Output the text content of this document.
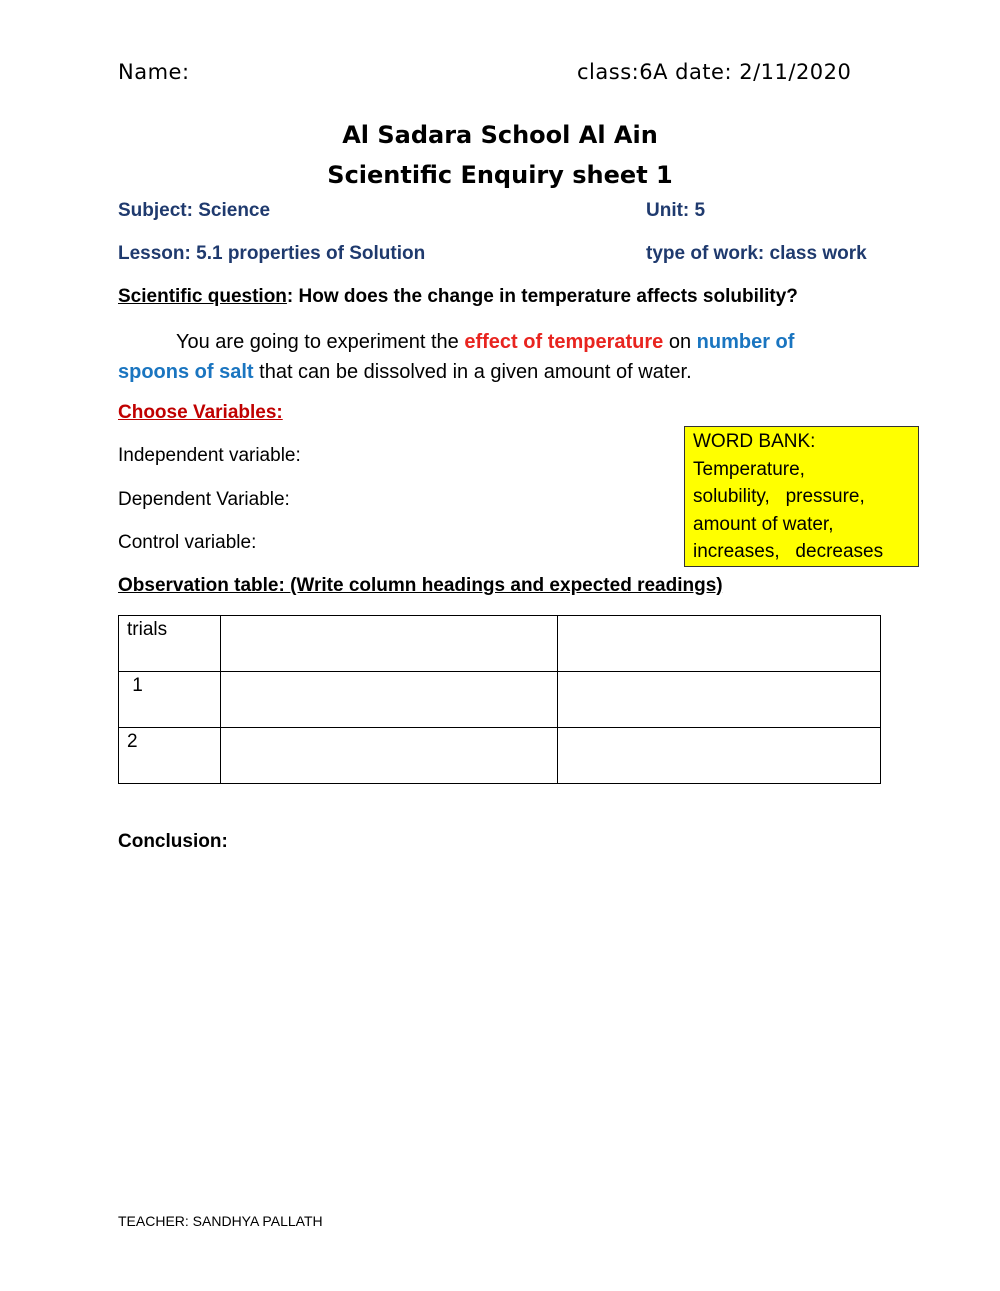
Name:	class:6A date: 2/11/2020
Al Sadara School Al Ain
Scientific Enquiry sheet 1
Subject: Science	Unit: 5
Lesson: 5.1 properties of Solution	type of work: class work
Scientific question: How does the change in temperature affects solubility?
You are going to experiment the effect of temperature on number of
spoons of salt that can be dissolved in a given amount of water.
Choose Variables:
Independent variable:
Dependent Variable:
Control variable:
WORD BANK:
Temperature,
solubility,   pressure,
amount of water,
increases,   decreases
Observation table: (Write column headings and expected readings)
trials		
1		
2		
Conclusion:
TEACHER: SANDHYA PALLATH
